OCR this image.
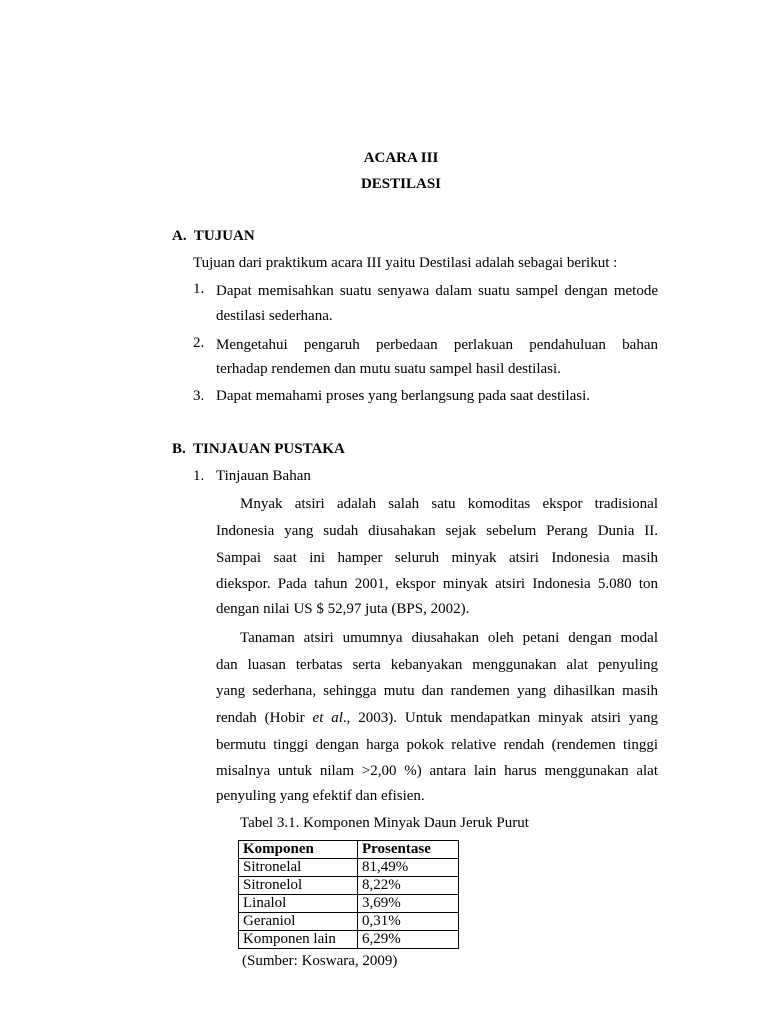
ACARA III
DESTILASI
A.  TUJUAN
Tujuan dari praktikum acara III yaitu Destilasi adalah sebagai berikut :
1. Dapat memisahkan suatu senyawa dalam suatu sampel dengan metode
destilasi sederhana.
2. Mengetahui pengaruh perbedaan perlakuan pendahuluan bahan
terhadap rendemen dan mutu suatu sampel hasil destilasi.
3. Dapat memahami proses yang berlangsung pada saat destilasi.
B.  TINJAUAN PUSTAKA
1. Tinjauan Bahan
Mnyak atsiri adalah salah satu komoditas ekspor tradisional
Indonesia yang sudah diusahakan sejak sebelum Perang Dunia II.
Sampai saat ini hamper seluruh minyak atsiri Indonesia masih
diekspor. Pada tahun 2001, ekspor minyak atsiri Indonesia 5.080 ton
dengan nilai US $ 52,97 juta (BPS, 2002).
Tanaman atsiri umumnya diusahakan oleh petani dengan modal
dan luasan terbatas serta kebanyakan menggunakan alat penyuling
yang sederhana, sehingga mutu dan randemen yang dihasilkan masih
rendah (Hobir et al., 2003). Untuk mendapatkan minyak atsiri yang
bermutu tinggi dengan harga pokok relative rendah (rendemen tinggi
misalnya untuk nilam >2,00 %) antara lain harus menggunakan alat
penyuling yang efektif dan efisien.
Tabel 3.1. Komponen Minyak Daun Jeruk Purut
Komponen	Prosentase
Sitronelal	81,49%
Sitronelol	8,22%
Linalol	3,69%
Geraniol	0,31%
Komponen lain	6,29%
(Sumber: Koswara, 2009)
